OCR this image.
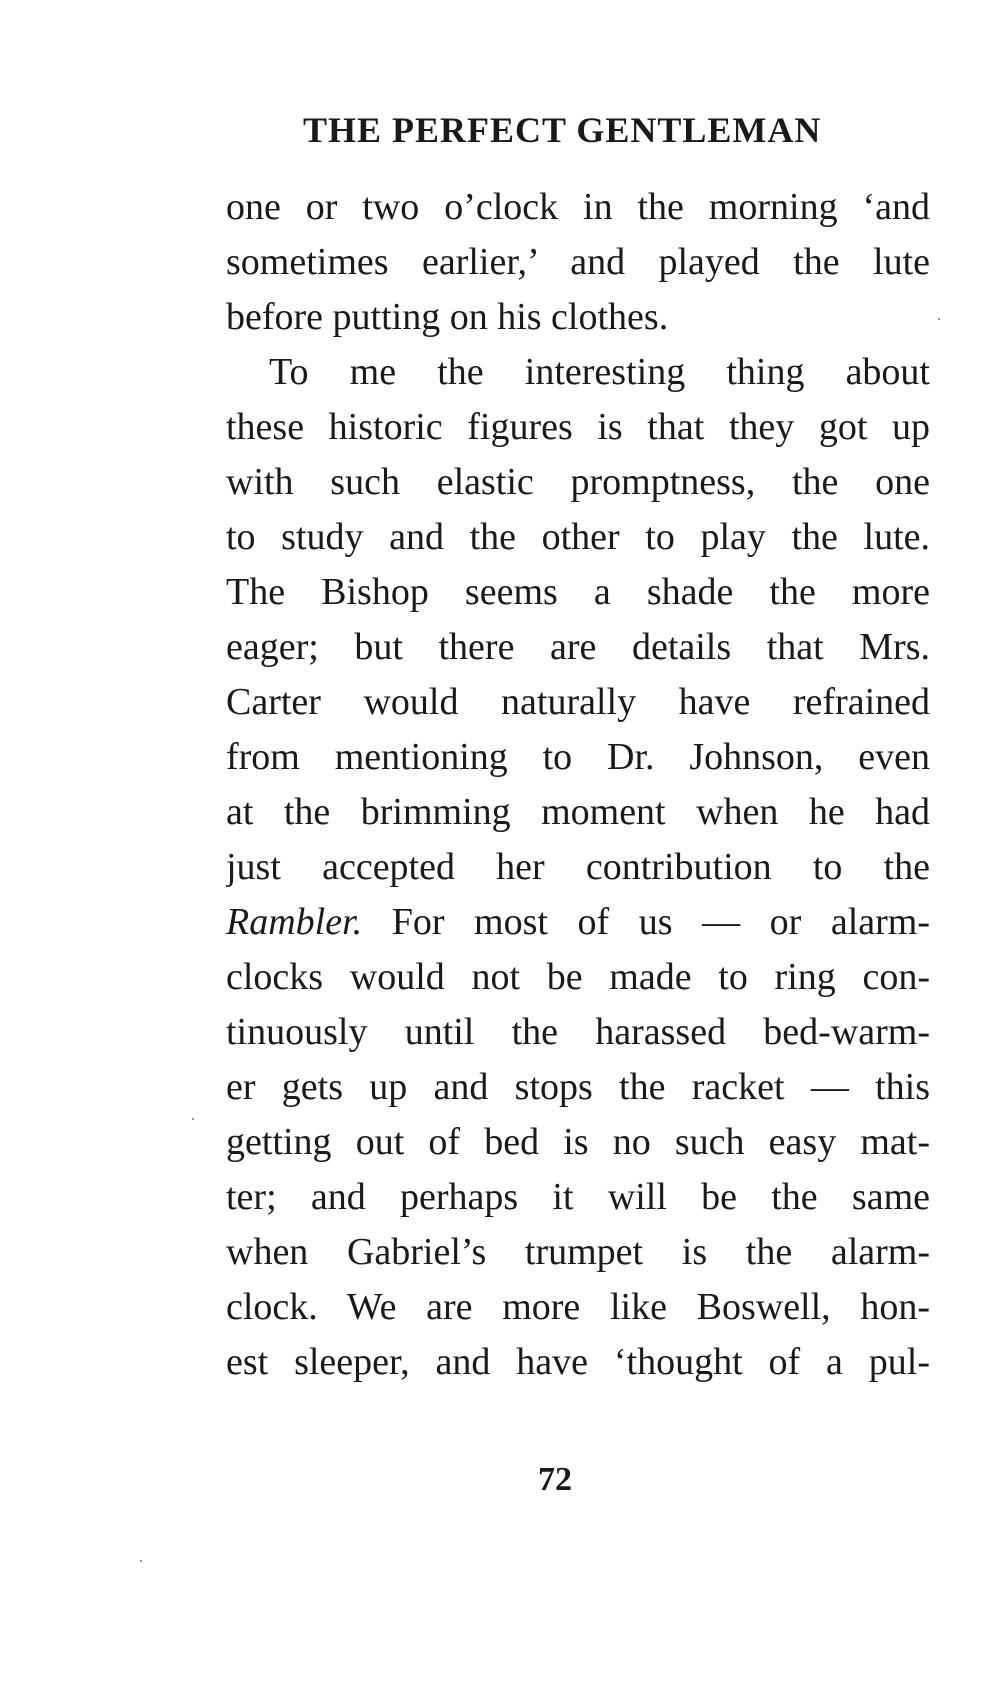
THE PERFECT GENTLEMAN
one or two o’clock in the morning ‘and
sometimes earlier,’ and played the lute
before putting on his clothes.
To me the interesting thing about
these historic figures is that they got up
with such elastic promptness, the one
to study and the other to play the lute.
The Bishop seems a shade the more
eager; but there are details that Mrs.
Carter would naturally have refrained
from mentioning to Dr. Johnson, even
at the brimming moment when he had
just accepted her contribution to the
Rambler. For most of us — or alarm-
clocks would not be made to ring con-
tinuously until the harassed bed-warm-
er gets up and stops the racket — this
getting out of bed is no such easy mat-
ter; and perhaps it will be the same
when Gabriel’s trumpet is the alarm-
clock. We are more like Boswell, hon-
est sleeper, and have ‘thought of a pul-
72
